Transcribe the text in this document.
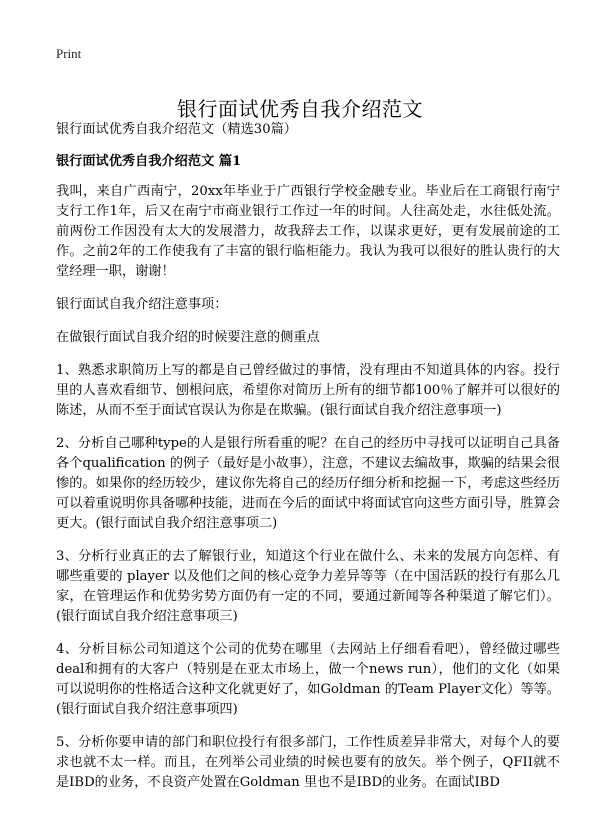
Print
银行面试优秀自我介绍范文

银行面试优秀自我介绍范文（精选30篇）

银行面试优秀自我介绍范文 篇1

我叫，来自广西南宁，20xx年毕业于广西银行学校金融专业。毕业后在工商银行南宁支行工作1年，后又在南宁市商业银行工作过一年的时间。人往高处走，水往低处流。前两份工作因没有太大的发展潜力，故我辞去工作，以谋求更好，更有发展前途的工作。之前2年的工作使我有了丰富的银行临柜能力。我认为我可以很好的胜认贵行的大堂经理一职，谢谢！

银行面试自我介绍注意事项：

在做银行面试自我介绍的时候要注意的侧重点

1、熟悉求职简历上写的都是自己曾经做过的事情，没有理由不知道具体的内容。投行里的人喜欢看细节、刨根问底，希望你对简历上所有的细节都100％了解并可以很好的陈述，从而不至于面试官误认为你是在欺骗。(银行面试自我介绍注意事项一)

2、分析自己哪种type的人是银行所看重的呢？在自己的经历中寻找可以证明自己具备各个qualification 的例子（最好是小故事），注意，不建议去编故事，欺骗的结果会很惨的。如果你的经历较少，建议你先将自己的经历仔细分析和挖掘一下，考虑这些经历可以着重说明你具备哪种技能，进而在今后的面试中将面试官向这些方面引导，胜算会更大。(银行面试自我介绍注意事项二)

3、分析行业真正的去了解银行业，知道这个行业在做什么、未来的发展方向怎样、有哪些重要的 player 以及他们之间的核心竞争力差异等等（在中国活跃的投行有那么几家，在管理运作和优势劣势方面仍有一定的不同，要通过新闻等各种渠道了解它们）。(银行面试自我介绍注意事项三)

4、分析目标公司知道这个公司的优势在哪里（去网站上仔细看看吧），曾经做过哪些deal和拥有的大客户（特别是在亚太市场上，做一个news run），他们的文化（如果可以说明你的性格适合这种文化就更好了，如Goldman 的Team Player文化）等等。(银行面试自我介绍注意事项四)

5、分析你要申请的部门和职位投行有很多部门，工作性质差异非常大，对每个人的要求也就不太一样。而且，在列举公司业绩的时候也要有的放矢。举个例子，QFII就不是IBD的业务，不良资产处置在Goldman 里也不是IBD的业务。在面试IBD
